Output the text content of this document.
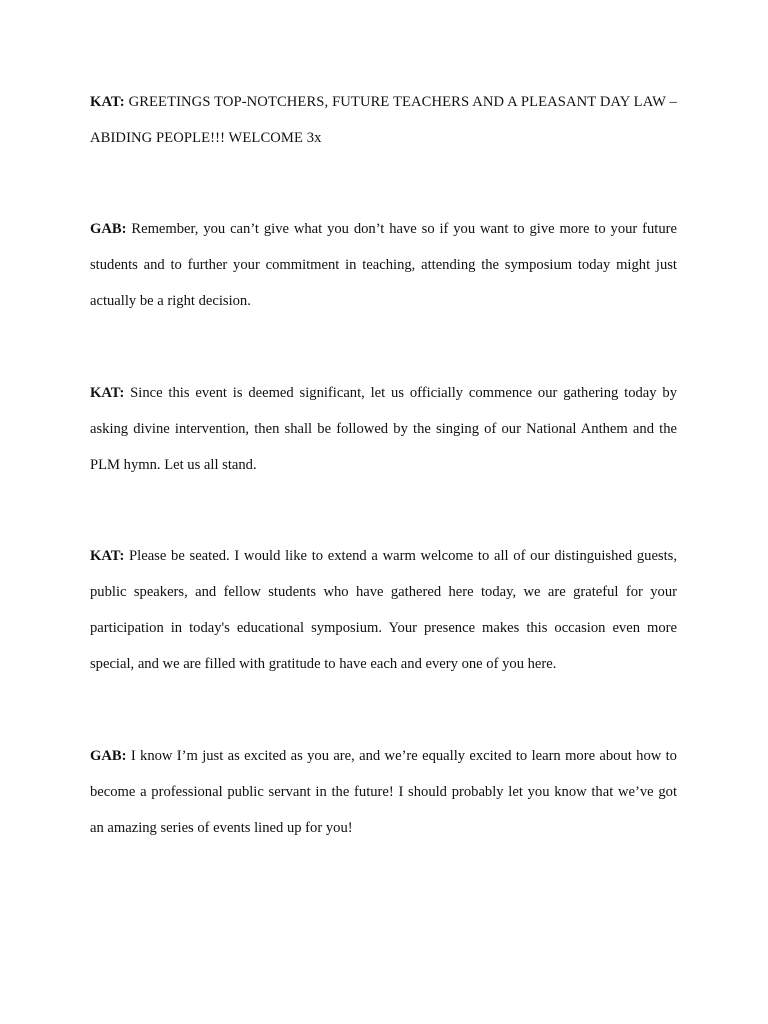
KAT: GREETINGS TOP-NOTCHERS, FUTURE TEACHERS AND A PLEASANT DAY LAW – ABIDING PEOPLE!!! WELCOME 3x

GAB: Remember, you can’t give what you don’t have so if you want to give more to your future students and to further your commitment in teaching, attending the symposium today might just actually be a right decision.

KAT: Since this event is deemed significant, let us officially commence our gathering today by asking divine intervention, then shall be followed by the singing of our National Anthem and the PLM hymn. Let us all stand.

KAT: Please be seated. I would like to extend a warm welcome to all of our distinguished guests, public speakers, and fellow students who have gathered here today, we are grateful for your participation in today's educational symposium. Your presence makes this occasion even more special, and we are filled with gratitude to have each and every one of you here.

GAB: I know I’m just as excited as you are, and we’re equally excited to learn more about how to become a professional public servant in the future! I should probably let you know that we’ve got an amazing series of events lined up for you!
